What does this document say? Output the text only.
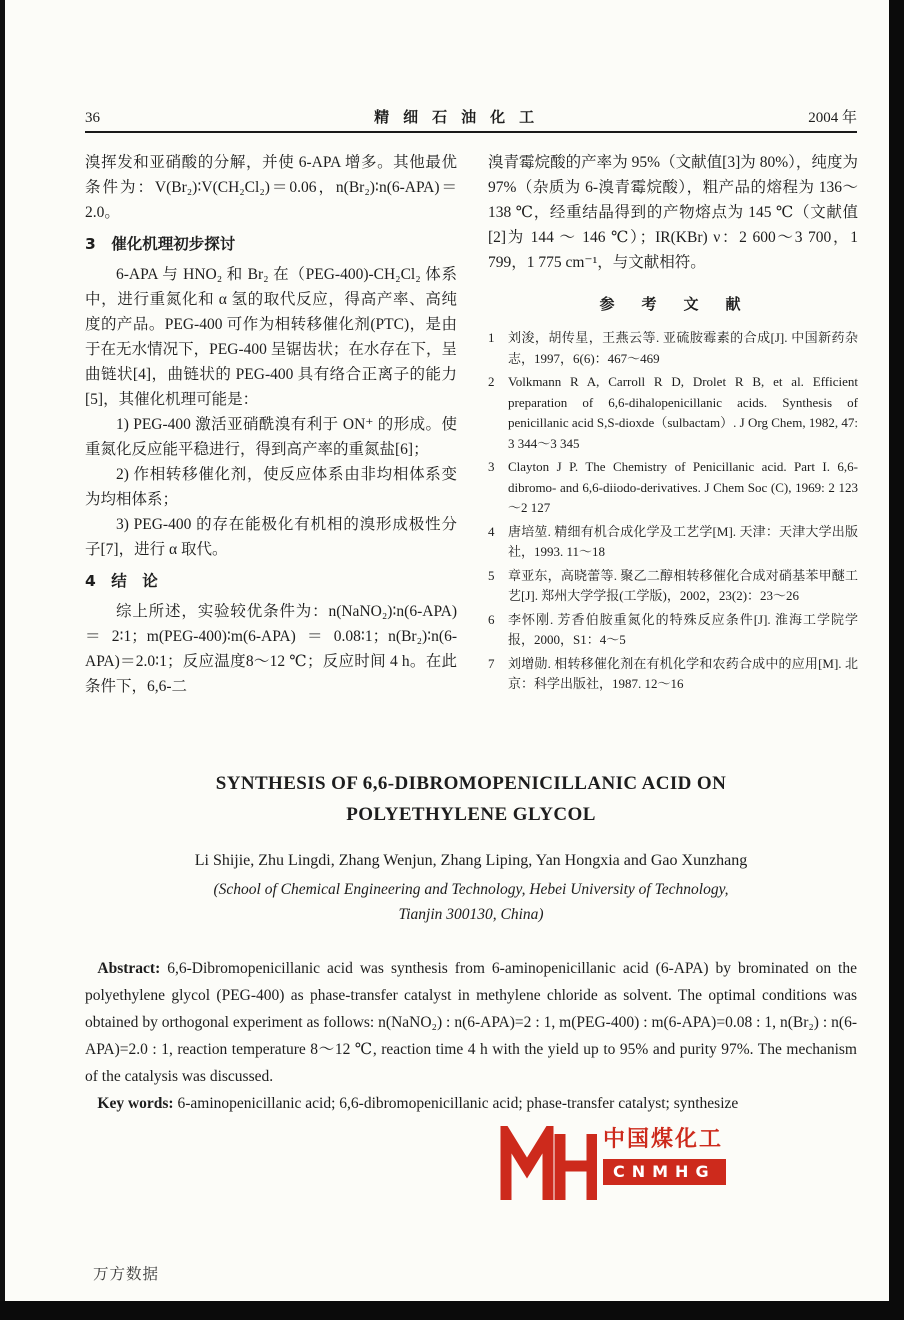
36	精细石油化工	2004 年

溴挥发和亚硝酸的分解，并使 6-APA 增多。其他最优条件为：V(Br₂)∶V(CH₂Cl₂)＝0.06，n(Br₂)∶n(6-APA)＝2.0。

3　催化机理初步探讨

6-APA 与 HNO₂ 和 Br₂ 在（PEG-400)-CH₂Cl₂ 体系中，进行重氮化和 α 氢的取代反应，得高产率、高纯度的产品。PEG-400 可作为相转移催化剂(PTC)，是由于在无水情况下，PEG-400 呈锯齿状；在水存在下，呈曲链状[4]，曲链状的 PEG-400 具有络合正离子的能力[5]，其催化机理可能是：

1) PEG-400 激活亚硝酰溴有利于 ON⁺ 的形成。使重氮化反应能平稳进行，得到高产率的重氮盐[6]；

2) 作相转移催化剂，使反应体系由非均相体系变为均相体系；

3) PEG-400 的存在能极化有机相的溴形成极性分子[7]，进行 α 取代。

4　结　论

综上所述，实验较优条件为：n(NaNO₂)∶n(6-APA)＝2∶1；m(PEG-400)∶m(6-APA)＝0.08∶1；n(Br₂)∶n(6-APA)＝2.0∶1；反应温度8～12 ℃；反应时间 4 h。在此条件下，6,6-二

溴青霉烷酸的产率为 95%（文献值[3]为 80%），纯度为 97%（杂质为 6-溴青霉烷酸），粗产品的熔程为 136～138 ℃，经重结晶得到的产物熔点为 145 ℃（文献值[2]为 144 ～ 146 ℃）；IR(KBr) ν：2 600～3 700，1 799，1 775 cm⁻¹，与文献相符。

参　考　文　献
1	刘浚，胡传星，王燕云等. 亚硫胺霉素的合成[J]. 中国新药杂志，1997，6(6)：467～469
2	Volkmann R A, Carroll R D, Drolet R B, et al. Efficient preparation of 6,6-dihalopenicillanic acids. Synthesis of penicillanic acid S,S-dioxde（sulbactam）. J Org Chem, 1982, 47: 3 344～3 345
3	Clayton J P. The Chemistry of Penicillanic acid. Part I. 6,6-dibromo- and 6,6-diiodo-derivatives. J Chem Soc (C), 1969: 2 123～2 127
4	唐培堃. 精细有机合成化学及工艺学[M]. 天津：天津大学出版社，1993. 11～18
5	章亚东，高晓蕾等. 聚乙二醇相转移催化合成对硝基苯甲醚工艺[J]. 郑州大学学报(工学版)，2002，23(2)：23～26
6	李怀刚. 芳香伯胺重氮化的特殊反应条件[J]. 淮海工学院学报，2000，S1：4～5
7	刘增勋. 相转移催化剂在有机化学和农药合成中的应用[M]. 北京：科学出版社，1987. 12～16
SYNTHESIS OF 6,6-DIBROMOPENICILLANIC ACID ON
POLYETHYLENE GLYCOL
Li Shijie, Zhu Lingdi, Zhang Wenjun, Zhang Liping, Yan Hongxia and Gao Xunzhang
(School of Chemical Engineering and Technology, Hebei University of Technology,
Tianjin 300130, China)

Abstract: 6,6-Dibromopenicillanic acid was synthesis from 6-aminopenicillanic acid (6-APA) by brominated on the polyethylene glycol (PEG-400) as phase-transfer catalyst in methylene chloride as solvent. The optimal conditions was obtained by orthogonal experiment as follows: n(NaNO₂) : n(6-APA)=2 : 1, m(PEG-400) : m(6-APA)=0.08 : 1, n(Br₂) : n(6-APA)=2.0 : 1, reaction temperature 8～12 ℃, reaction time 4 h with the yield up to 95% and purity 97%. The mechanism of the catalysis was discussed.

Key words: 6-aminopenicillanic acid; 6,6-dibromopenicillanic acid; phase-transfer catalyst; synthesize

中国煤化工
CNMHG
万方数据
